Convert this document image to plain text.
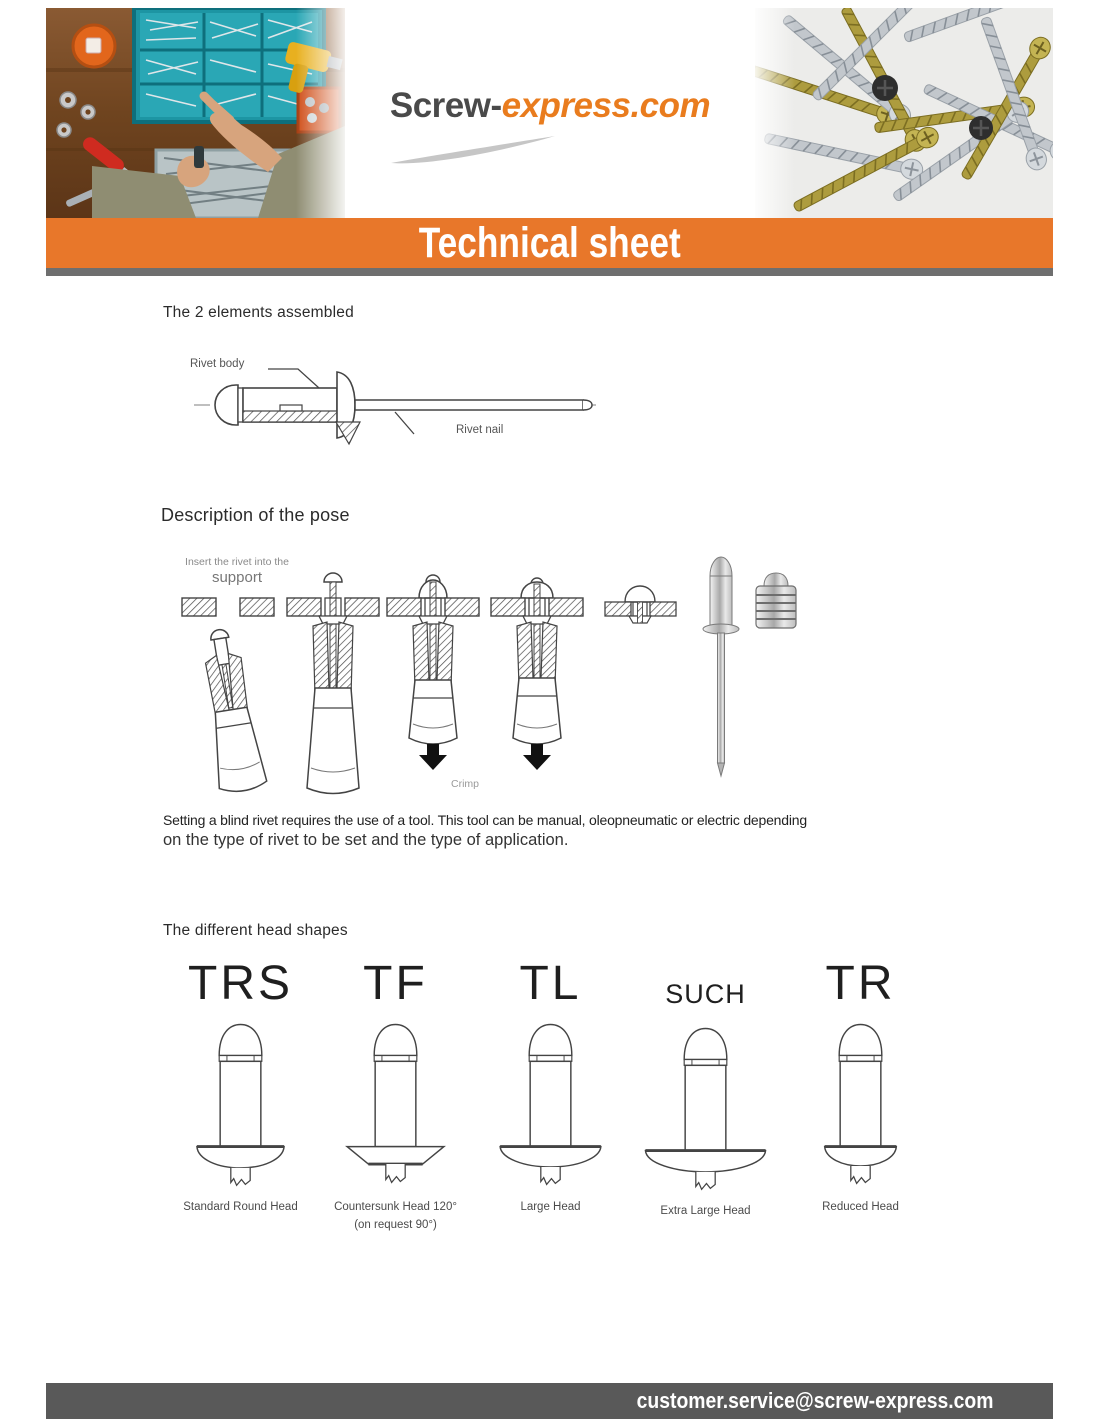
Screw-express.com
Technical sheet
The 2 elements assembled
Rivet body
Rivet nail
Description of the pose
Insert the rivet into the
support
Crimp
Setting a blind rivet requires the use of a tool. This tool can be manual, oleopneumatic or electric depending
on the type of rivet to be set and the type of application.
The different head shapes
TRS
Standard Round Head
TF
Countersunk Head 120° (on request 90°)
TL
Large Head
SUCH
Extra Large Head
TR
Reduced Head
customer.service@screw-express.com
